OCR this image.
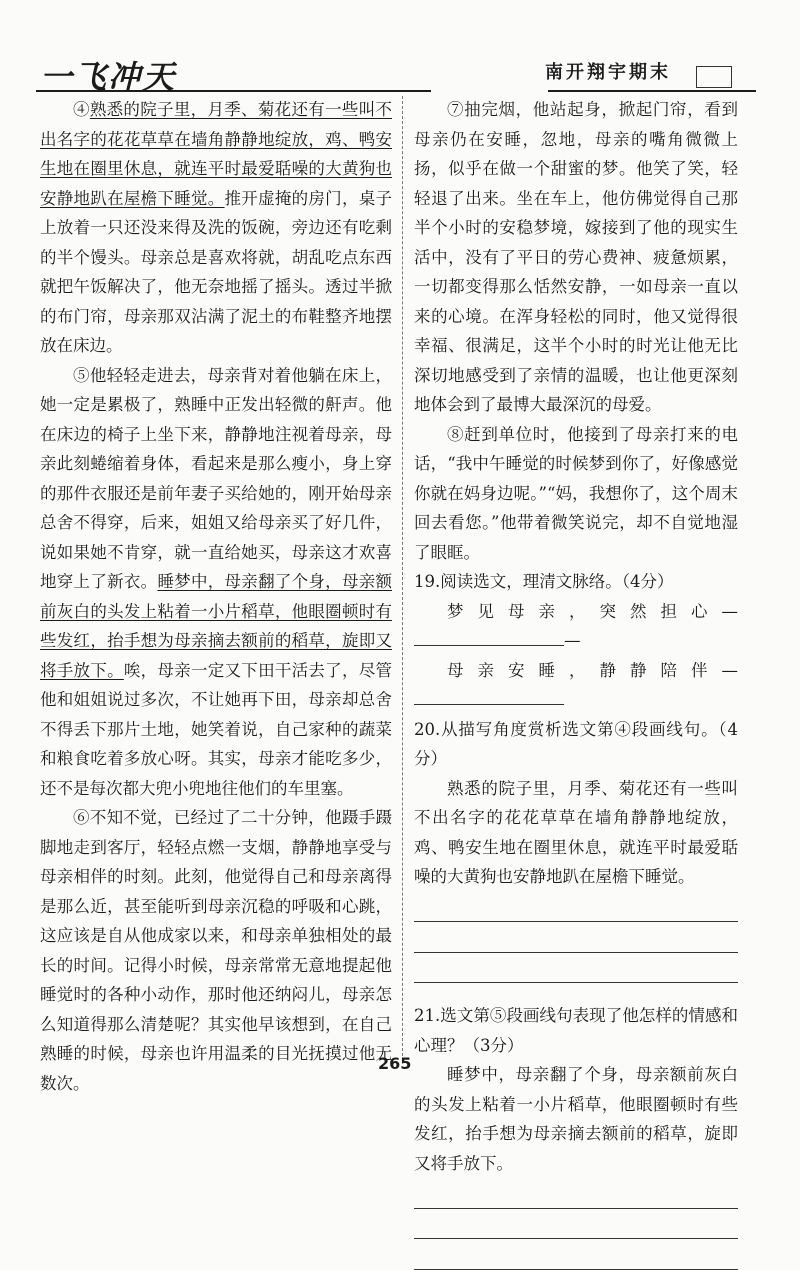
一飞冲天	南开翔宇期末

④熟悉的院子里，月季、菊花还有一些叫不出名字的花花草草在墙角静静地绽放，鸡、鸭安生地在圈里休息，就连平时最爱聒噪的大黄狗也安静地趴在屋檐下睡觉。推开虚掩的房门，桌子上放着一只还没来得及洗的饭碗，旁边还有吃剩的半个馒头。母亲总是喜欢将就，胡乱吃点东西就把午饭解决了，他无奈地摇了摇头。透过半掀的布门帘，母亲那双沾满了泥土的布鞋整齐地摆放在床边。

⑤他轻轻走进去，母亲背对着他躺在床上，她一定是累极了，熟睡中正发出轻微的鼾声。他在床边的椅子上坐下来，静静地注视着母亲，母亲此刻蜷缩着身体，看起来是那么瘦小，身上穿的那件衣服还是前年妻子买给她的，刚开始母亲总舍不得穿，后来，姐姐又给母亲买了好几件，说如果她不肯穿，就一直给她买，母亲这才欢喜地穿上了新衣。睡梦中，母亲翻了个身，母亲额前灰白的头发上粘着一小片稻草，他眼圈顿时有些发红，抬手想为母亲摘去额前的稻草，旋即又将手放下。唉，母亲一定又下田干活去了，尽管他和姐姐说过多次，不让她再下田，母亲却总舍不得丢下那片土地，她笑着说，自己家种的蔬菜和粮食吃着多放心呀。其实，母亲才能吃多少，还不是每次都大兜小兜地往他们的车里塞。

⑥不知不觉，已经过了二十分钟，他蹑手蹑脚地走到客厅，轻轻点燃一支烟，静静地享受与母亲相伴的时刻。此刻，他觉得自己和母亲离得是那么近，甚至能听到母亲沉稳的呼吸和心跳，这应该是自从他成家以来，和母亲单独相处的最长的时间。记得小时候，母亲常常无意地提起他睡觉时的各种小动作，那时他还纳闷儿，母亲怎么知道得那么清楚呢？其实他早该想到，在自己熟睡的时候，母亲也许用温柔的目光抚摸过他无数次。

⑦抽完烟，他站起身，掀起门帘，看到母亲仍在安睡，忽地，母亲的嘴角微微上扬，似乎在做一个甜蜜的梦。他笑了笑，轻轻退了出来。坐在车上，他仿佛觉得自己那半个小时的安稳梦境，嫁接到了他的现实生活中，没有了平日的劳心费神、疲惫烦累，一切都变得那么恬然安静，一如母亲一直以来的心境。在浑身轻松的同时，他又觉得很幸福、很满足，这半个小时的时光让他无比深切地感受到了亲情的温暖，也让他更深刻地体会到了最博大最深沉的母爱。

⑧赶到单位时，他接到了母亲打来的电话，“我中午睡觉的时候梦到你了，好像感觉你就在妈身边呢。”“妈，我想你了，这个周末回去看您。”他带着微笑说完，却不自觉地湿了眼眶。

19.阅读选文，理清文脉络。（4分）

梦见母亲，突然担心——

母亲安睡，静静陪伴—

20.从描写角度赏析选文第④段画线句。（4分）

熟悉的院子里，月季、菊花还有一些叫不出名字的花花草草在墙角静静地绽放，鸡、鸭安生地在圈里休息，就连平时最爱聒噪的大黄狗也安静地趴在屋檐下睡觉。

21.选文第⑤段画线句表现了他怎样的情感和心理？（3分）

睡梦中，母亲翻了个身，母亲额前灰白的头发上粘着一小片稻草，他眼圈顿时有些发红，抬手想为母亲摘去额前的稻草，旋即又将手放下。

265
